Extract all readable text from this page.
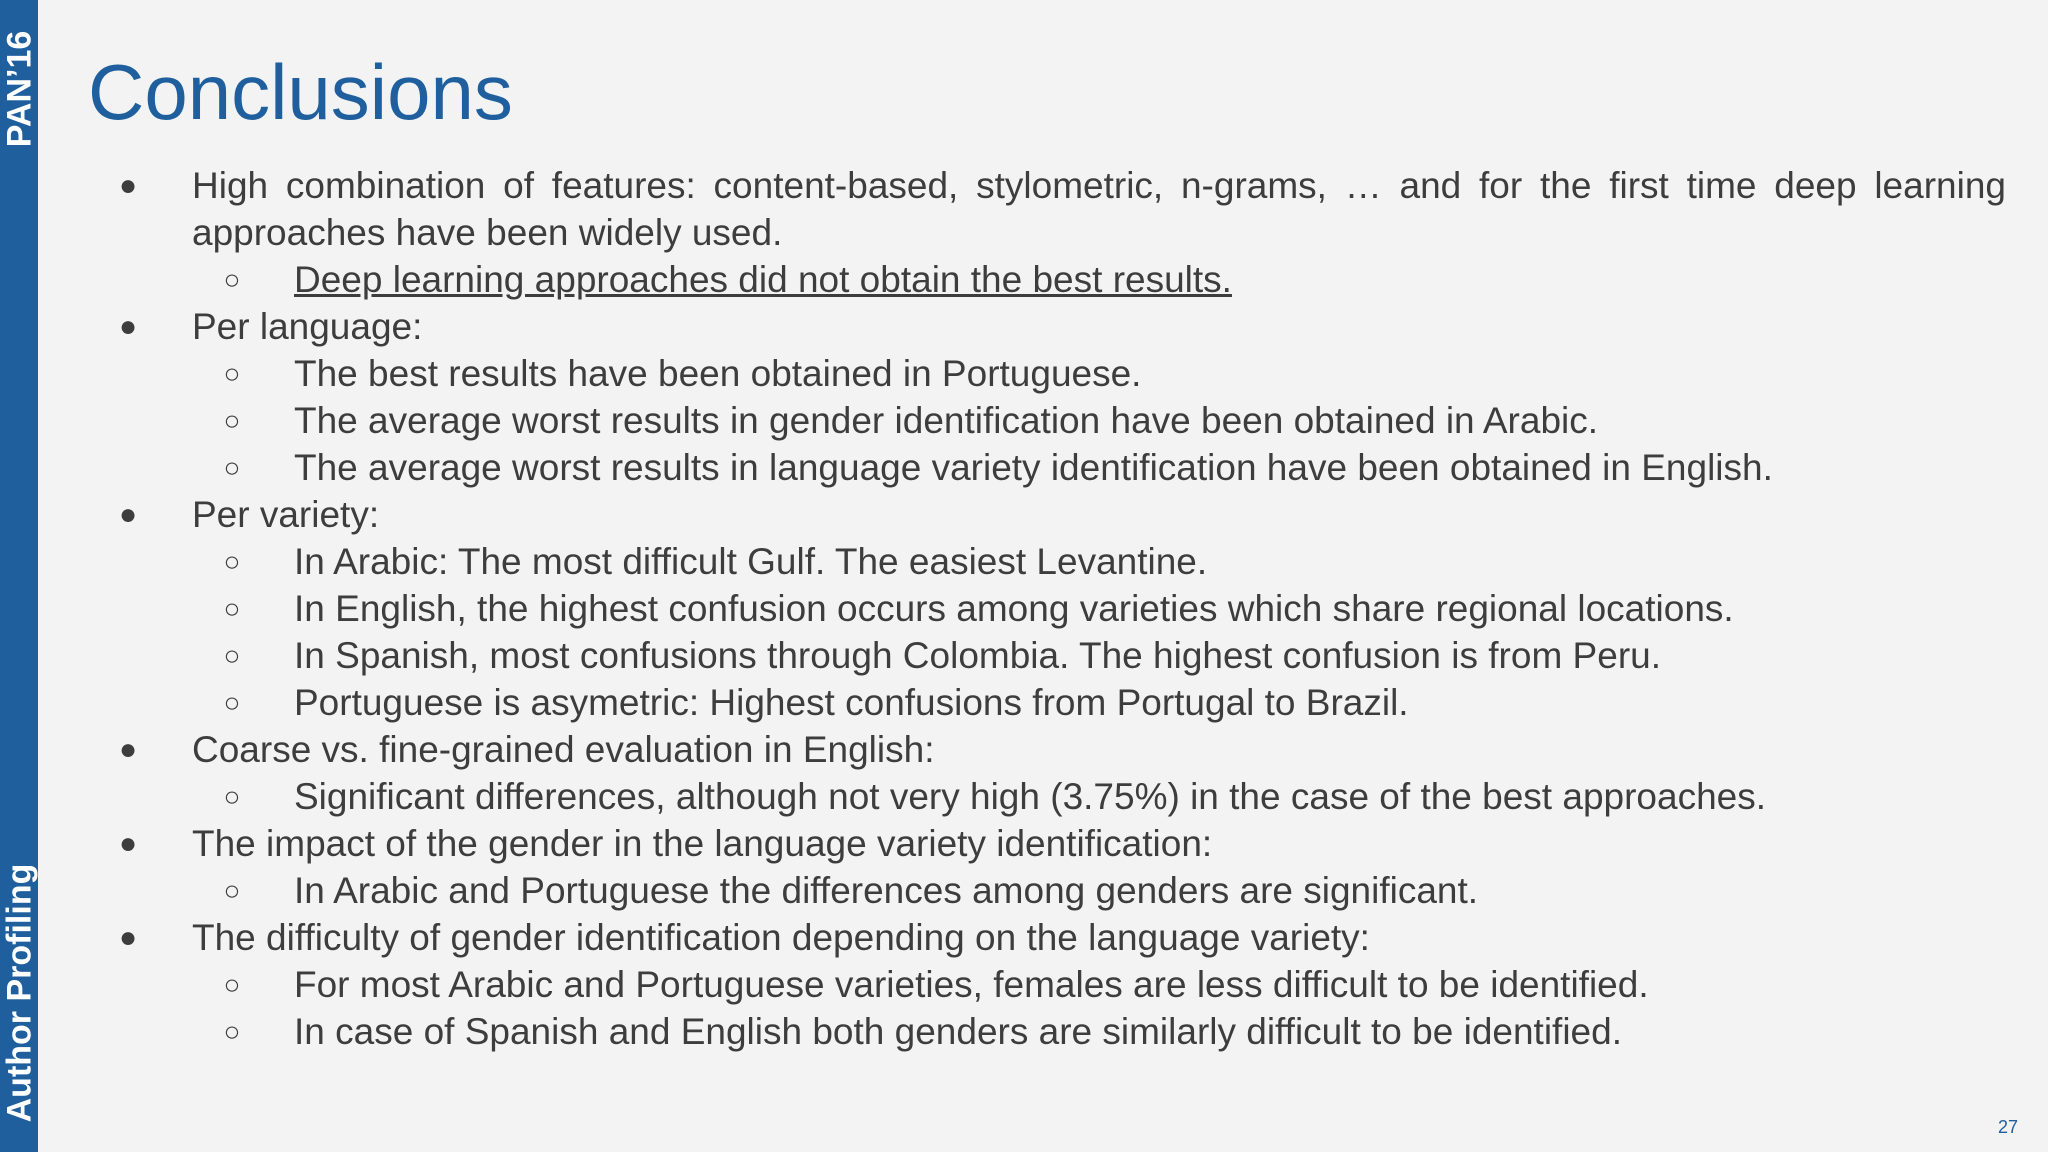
PAN’16
Author Profiling
Conclusions
● High combination of features: content-based, stylometric, n-grams, … and for the first time deep learning approaches have been widely used.
○	Deep learning approaches did not obtain the best results.
● Per language:
○	The best results have been obtained in Portuguese.
○	The average worst results in gender identification have been obtained in Arabic.
○	The average worst results in language variety identification have been obtained in English.
● Per variety:
○	In Arabic: The most difficult Gulf. The easiest Levantine.
○	In English, the highest confusion occurs among varieties which share regional locations.
○	In Spanish, most confusions through Colombia. The highest confusion is from Peru.
○	Portuguese is asymetric: Highest confusions from Portugal to Brazil.
● Coarse vs. fine-grained evaluation in English:
○	Significant differences, although not very high (3.75%) in the case of the best approaches.
● The impact of the gender in the language variety identification:
○	In Arabic and Portuguese the differences among genders are significant.
● The difficulty of gender identification depending on the language variety:
○	For most Arabic and Portuguese varieties, females are less difficult to be identified.
○	In case of Spanish and English both genders are similarly difficult to be identified.
27
